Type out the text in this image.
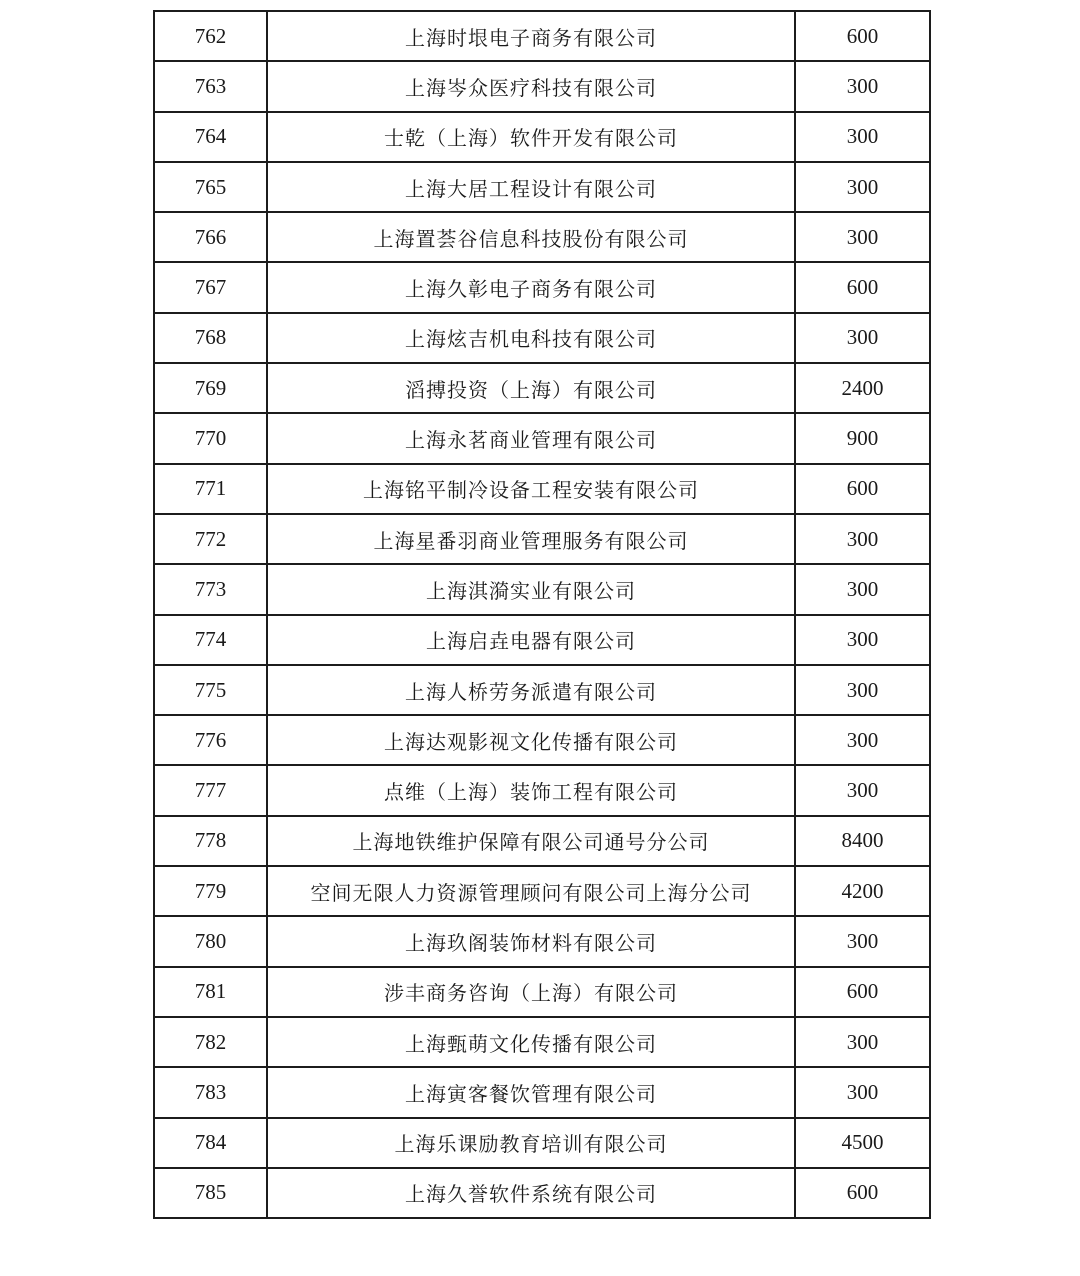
762	上海时垠电子商务有限公司	600
763	上海岑众医疗科技有限公司	300
764	士乾（上海）软件开发有限公司	300
765	上海大居工程设计有限公司	300
766	上海置荟谷信息科技股份有限公司	300
767	上海久彰电子商务有限公司	600
768	上海炫吉机电科技有限公司	300
769	滔搏投资（上海）有限公司	2400
770	上海永茗商业管理有限公司	900
771	上海铭平制冷设备工程安装有限公司	600
772	上海星番羽商业管理服务有限公司	300
773	上海淇漪实业有限公司	300
774	上海启垚电器有限公司	300
775	上海人桥劳务派遣有限公司	300
776	上海达观影视文化传播有限公司	300
777	点维（上海）装饰工程有限公司	300
778	上海地铁维护保障有限公司通号分公司	8400
779	空间无限人力资源管理顾问有限公司上海分公司	4200
780	上海玖阁装饰材料有限公司	300
781	涉丰商务咨询（上海）有限公司	600
782	上海甄萌文化传播有限公司	300
783	上海寅客餐饮管理有限公司	300
784	上海乐课励教育培训有限公司	4500
785	上海久誉软件系统有限公司	600
